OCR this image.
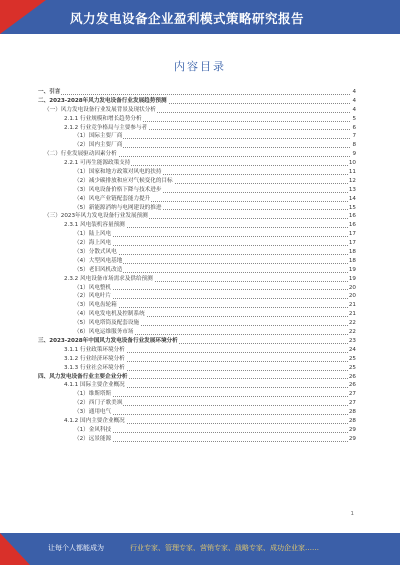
风力发电设备企业盈利模式策略研究报告
内容目录
一、引言	4
二、2023-2028年风力发电设备行业发展趋势预测	4
（一）风力发电设备行业发展背景及现状分析	4
2.1.1 行业规模和增长趋势分析	5
2.1.2 行业竞争格局与主要参与者	6
（1）国际主要厂商	7
（2）国内主要厂商	8
（二）行业发展驱动因素分析	9
2.2.1 可再生能源政策支持	10
（1）国家和地方政策对风电的扶持	11
（2）减少碳排放和应对气候变化的目标	12
（3）风电设备价格下降与技术进步	13
（4）风电产业链配套能力提升	14
（5）新能源消纳与电网建设的推进	15
（三）2023年风力发电设备行业发展预测	16
2.3.1 风电装机容量预测	16
（1）陆上风电	17
（2）海上风电	17
（3）分散式风电	18
（4）大型风电基地	18
（5）老旧风机改造	19
2.3.2 风电设备市场需求及供给预测	19
（1）风电整机	20
（2）风电叶片	20
（3）风电齿轮箱	21
（4）风电发电机及控制系统	21
（5）风电塔筒及配套设施	22
（6）风电运维服务市场	22
三、2023-2028年中国风力发电设备行业发展环境分析	23
3.1.1 行业政策环境分析	24
3.1.2 行业经济环境分析	25
3.1.3 行业社会环境分析	25
四、风力发电设备行业主要企业分析	26
4.1.1 国际主要企业概况	26
（1）维斯塔斯	27
（2）西门子歌美飒	27
（3）通用电气	28
4.1.2 国内主要企业概况	28
（1）金风科技	29
（2）远景能源	29
1
让每个人都能成为	行业专家、管理专家、营销专家、战略专家、成功企业家……
